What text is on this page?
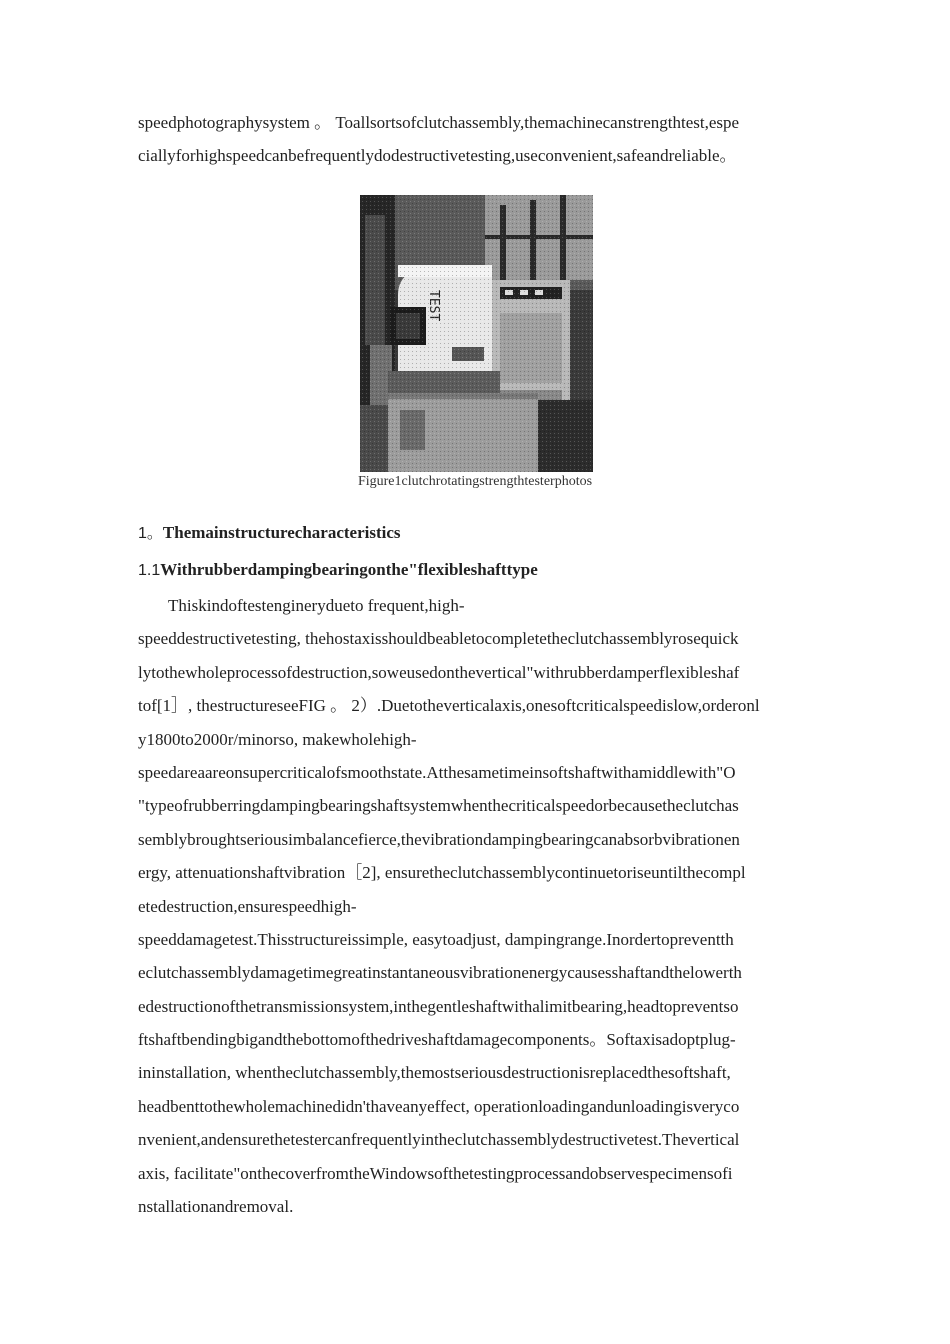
speedphotographysystem 。 Toallsortsofclutchassembly,themachinecanstrengthtest,espe
ciallyforhighspeedcanbefrequentlydodestructivetesting,useconvenient,safeandreliable。
Figure1clutchrotatingstrengthtesterphotos
1。Themainstructurecharacteristics
1.1Withrubberdampingbearingonthe"flexibleshafttype
Thiskindoftestenginerydueto frequent,high-
speeddestructivetesting, thehostaxisshouldbeabletocompletetheclutchassemblyrosequick
lytothewholeprocessofdestruction,soweusedonthevertical"withrubberdamperflexibleshaf
tof[1］, thestructureseeFIG 。 2）.Duetotheverticalaxis,onesoftcriticalspeedislow,orderonl
y1800to2000r/minorso, makewholehigh-
speedareaareonsupercriticalofsmoothstate.Atthesametimeinsoftshaftwithamiddlewith"O
"typeofrubberringdampingbearingshaftsystemwhenthecriticalspeedorbecausetheclutchas
semblybroughtseriousimbalancefierce,thevibrationdampingbearingcanabsorbvibrationen
ergy, attenuationshaftvibration［2], ensuretheclutchassemblycontinuetoriseuntilthecompl
etedestruction,ensurespeedhigh-
speeddamagetest.Thisstructureissimple, easytoadjust, dampingrange.Inordertopreventth
eclutchassemblydamagetimegreatinstantaneousvibrationenergycausesshaftandthelowerth
edestructionofthetransmissionsystem,inthegentleshaftwithalimitbearing,headtopreventso
ftshaftbendingbigandthebottomofthedriveshaftdamagecomponents。Softaxisadoptplug-
ininstallation, whentheclutchassembly,themostseriousdestructionisreplacedthesoftshaft,
headbenttothewholemachinedidn'thaveanyeffect, operationloadingandunloadingisveryco
nvenient,andensurethetestercanfrequentlyintheclutchassemblydestructivetest.Thevertical
axis, facilitate"onthecoverfromtheWindowsofthetestingprocessandobservespecimensofi
nstallationandremoval.
